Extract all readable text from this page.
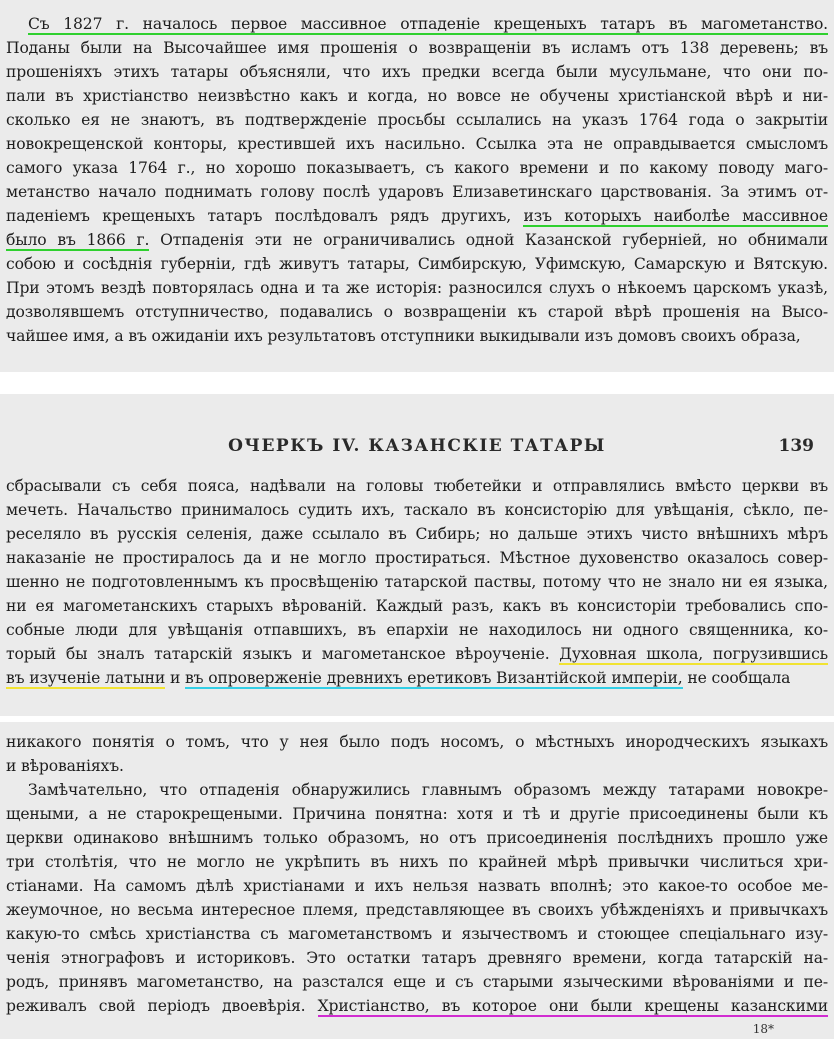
Съ 1827 г. началось первое массивное отпаденіе крещеныхъ татаръ въ магометанство.
Поданы были на Высочайшее имя прошенія о возвращеніи въ исламъ отъ 138 деревень; въ
прошеніяхъ этихъ татары объясняли, что ихъ предки всегда были мусульмане, что они по-
пали въ христіанство неизвѣстно какъ и когда, но вовсе не обучены христіанской вѣрѣ и ни-
сколько ея не знаютъ, въ подтвержденіе просьбы ссылались на указъ 1764 года о закрытіи
новокрещенской конторы, крестившей ихъ насильно. Ссылка эта не оправдывается смысломъ
самого указа 1764 г., но хорошо показываетъ, съ какого времени и по какому поводу маго-
метанство начало поднимать голову послѣ ударовъ Елизаветинскаго царствованія. За этимъ от-
паденіемъ крещеныхъ татаръ послѣдовалъ рядъ другихъ, изъ которыхъ наиболѣе массивное
было въ 1866 г. Отпаденія эти не ограничивались одной Казанской губерніей, но обнимали
собою и сосѣднія губерніи, гдѣ живутъ татары, Симбирскую, Уфимскую, Самарскую и Вятскую.
При этомъ вездѣ повторялась одна и та же исторія: разносился слухъ о нѣкоемъ царскомъ указѣ,
дозволявшемъ отступничество, подавались о возвращеніи къ старой вѣрѣ прошенія на Высо-
чайшее имя, а въ ожиданіи ихъ результатовъ отступники выкидывали изъ домовъ своихъ образа,
ОЧЕРКЪ IV. КАЗАНСКІЕ ТАТАРЫ	139
сбрасывали съ себя пояса, надѣвали на головы тюбетейки и отправлялись вмѣсто церкви въ
мечеть. Начальство принималось судить ихъ, таскало въ консисторію для увѣщанія, сѣкло, пе-
реселяло въ русскія селенія, даже ссылало въ Сибирь; но дальше этихъ чисто внѣшнихъ мѣръ
наказаніе не простиралось да и не могло простираться. Мѣстное духовенство оказалось совер-
шенно не подготовленнымъ къ просвѣщенію татарской паствы, потому что не знало ни ея языка,
ни ея магометанскихъ старыхъ вѣрованій. Каждый разъ, какъ въ консисторіи требовались спо-
собные люди для увѣщанія отпавшихъ, въ епархіи не находилось ни одного священника, ко-
торый бы зналъ татарскій языкъ и магометанское вѣроученіе. Духовная школа, погрузившись
въ изученіе латыни и въ опроверженіе древнихъ еретиковъ Византійской имперіи, не сообщала
никакого понятія о томъ, что у нея было подъ носомъ, о мѣстныхъ инородческихъ языкахъ
и вѣрованіяхъ.
Замѣчательно, что отпаденія обнаружились главнымъ образомъ между татарами новокре-
щеными, а не старокрещеными. Причина понятна: хотя и тѣ и другіе присоединены были къ
церкви одинаково внѣшнимъ только образомъ, но отъ присоединенія послѣднихъ прошло уже
три столѣтія, что не могло не укрѣпить въ нихъ по крайней мѣрѣ привычки числиться хри-
стіанами. На самомъ дѣлѣ христіанами и ихъ нельзя назвать вполнѣ; это какое-то особое ме-
жеумочное, но весьма интересное племя, представляющее въ своихъ убѣжденіяхъ и привычкахъ
какую-то смѣсь христіанства съ магометанствомъ и язычествомъ и стоющее спеціальнаго изу-
ченія этнографовъ и историковъ. Это остатки татаръ древняго времени, когда татарскій на-
родъ, принявъ магометанство, на разстался еще и съ старыми языческими вѣрованіями и пе-
реживалъ свой періодъ двоевѣрія. Христіанство, въ которое они были крещены казанскими
18*
